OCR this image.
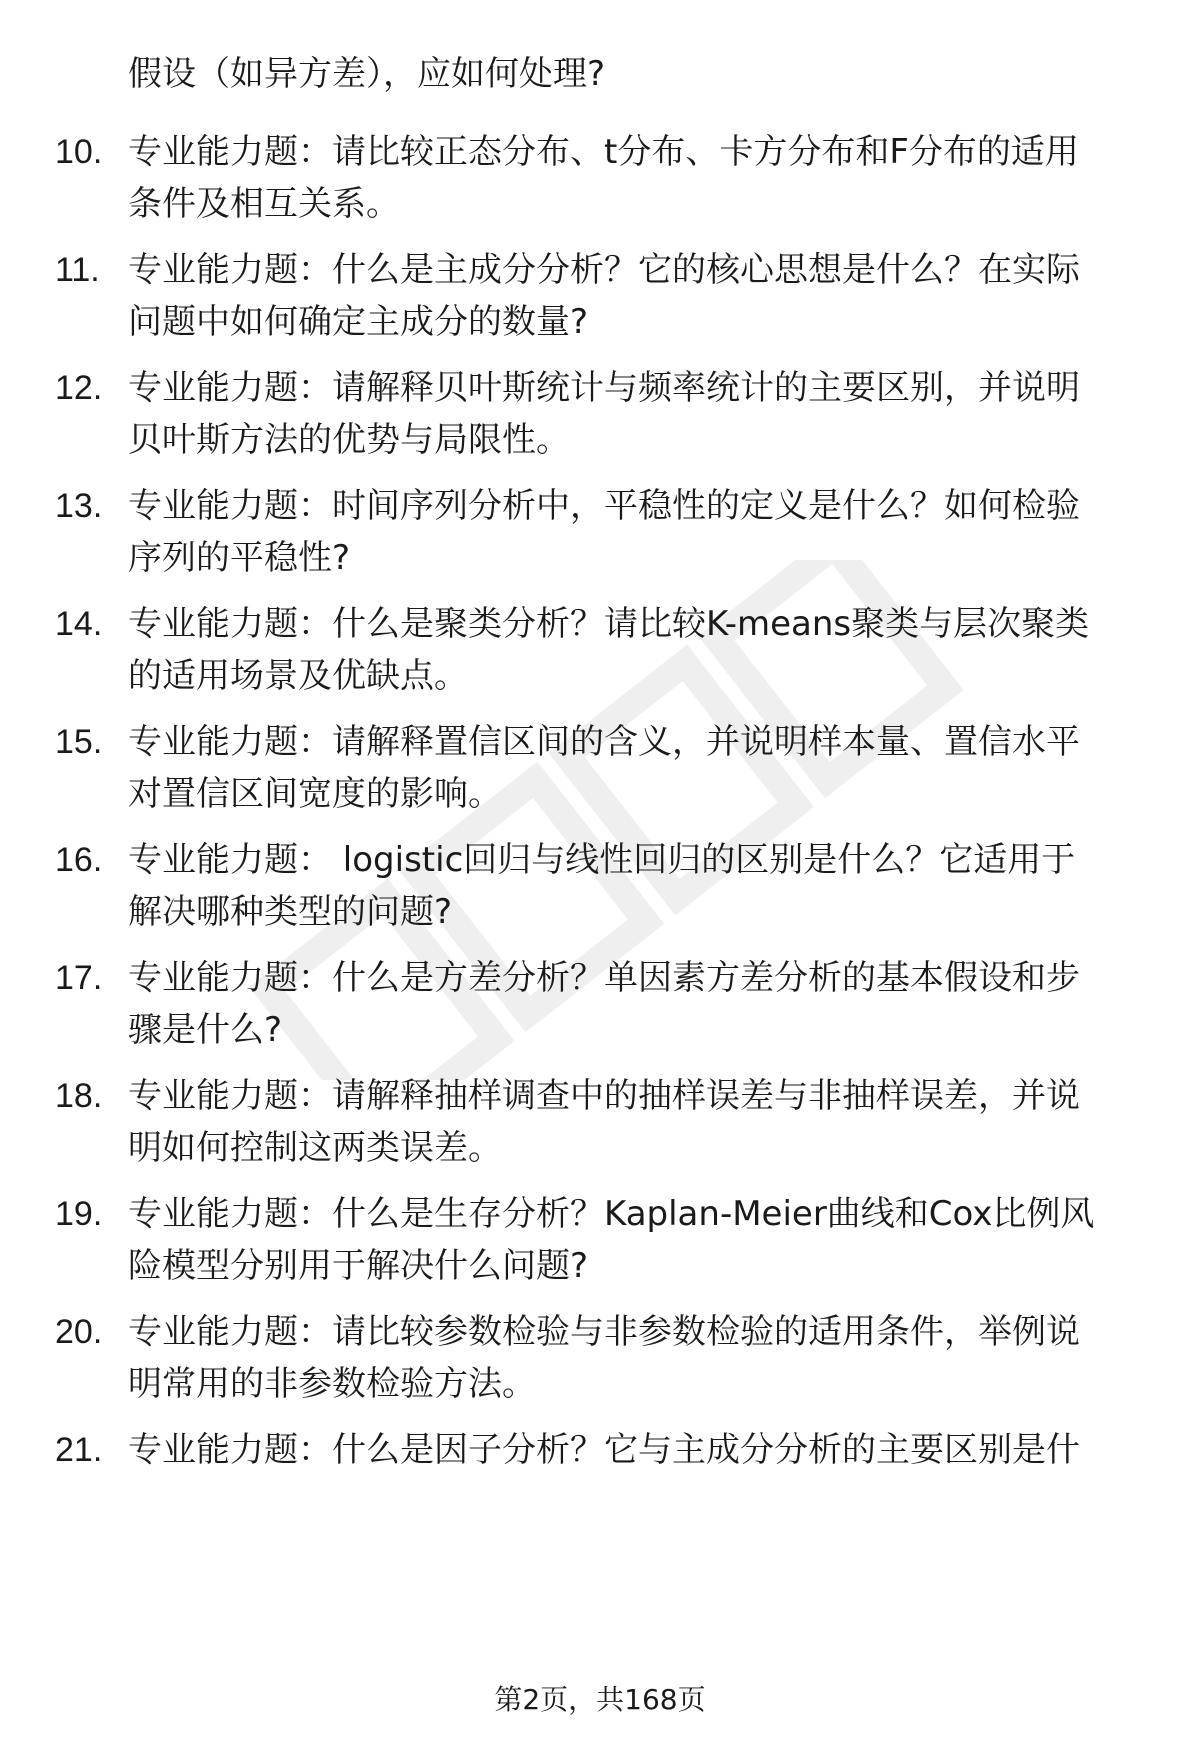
假设（如异方差），应如何处理?
10. 专业能力题：请比较正态分布、t分布、卡方分布和F分布的适用
条件及相互关系。
11. 专业能力题：什么是主成分分析？它的核心思想是什么？在实际
问题中如何确定主成分的数量?
12. 专业能力题：请解释贝叶斯统计与频率统计的主要区别，并说明
贝叶斯方法的优势与局限性。
13. 专业能力题：时间序列分析中，平稳性的定义是什么？如何检验
序列的平稳性?
14. 专业能力题：什么是聚类分析？请比较K-means聚类与层次聚类
的适用场景及优缺点。
15. 专业能力题：请解释置信区间的含义，并说明样本量、置信水平
对置信区间宽度的影响。
16. 专业能力题： logistic回归与线性回归的区别是什么？它适用于
解决哪种类型的问题?
17. 专业能力题：什么是方差分析？单因素方差分析的基本假设和步
骤是什么?
18. 专业能力题：请解释抽样调查中的抽样误差与非抽样误差，并说
明如何控制这两类误差。
19. 专业能力题：什么是生存分析？Kaplan-Meier曲线和Cox比例风
险模型分别用于解决什么问题?
20. 专业能力题：请比较参数检验与非参数检验的适用条件，举例说
明常用的非参数检验方法。
21. 专业能力题：什么是因子分析？它与主成分分析的主要区别是什
第2页，共168页
